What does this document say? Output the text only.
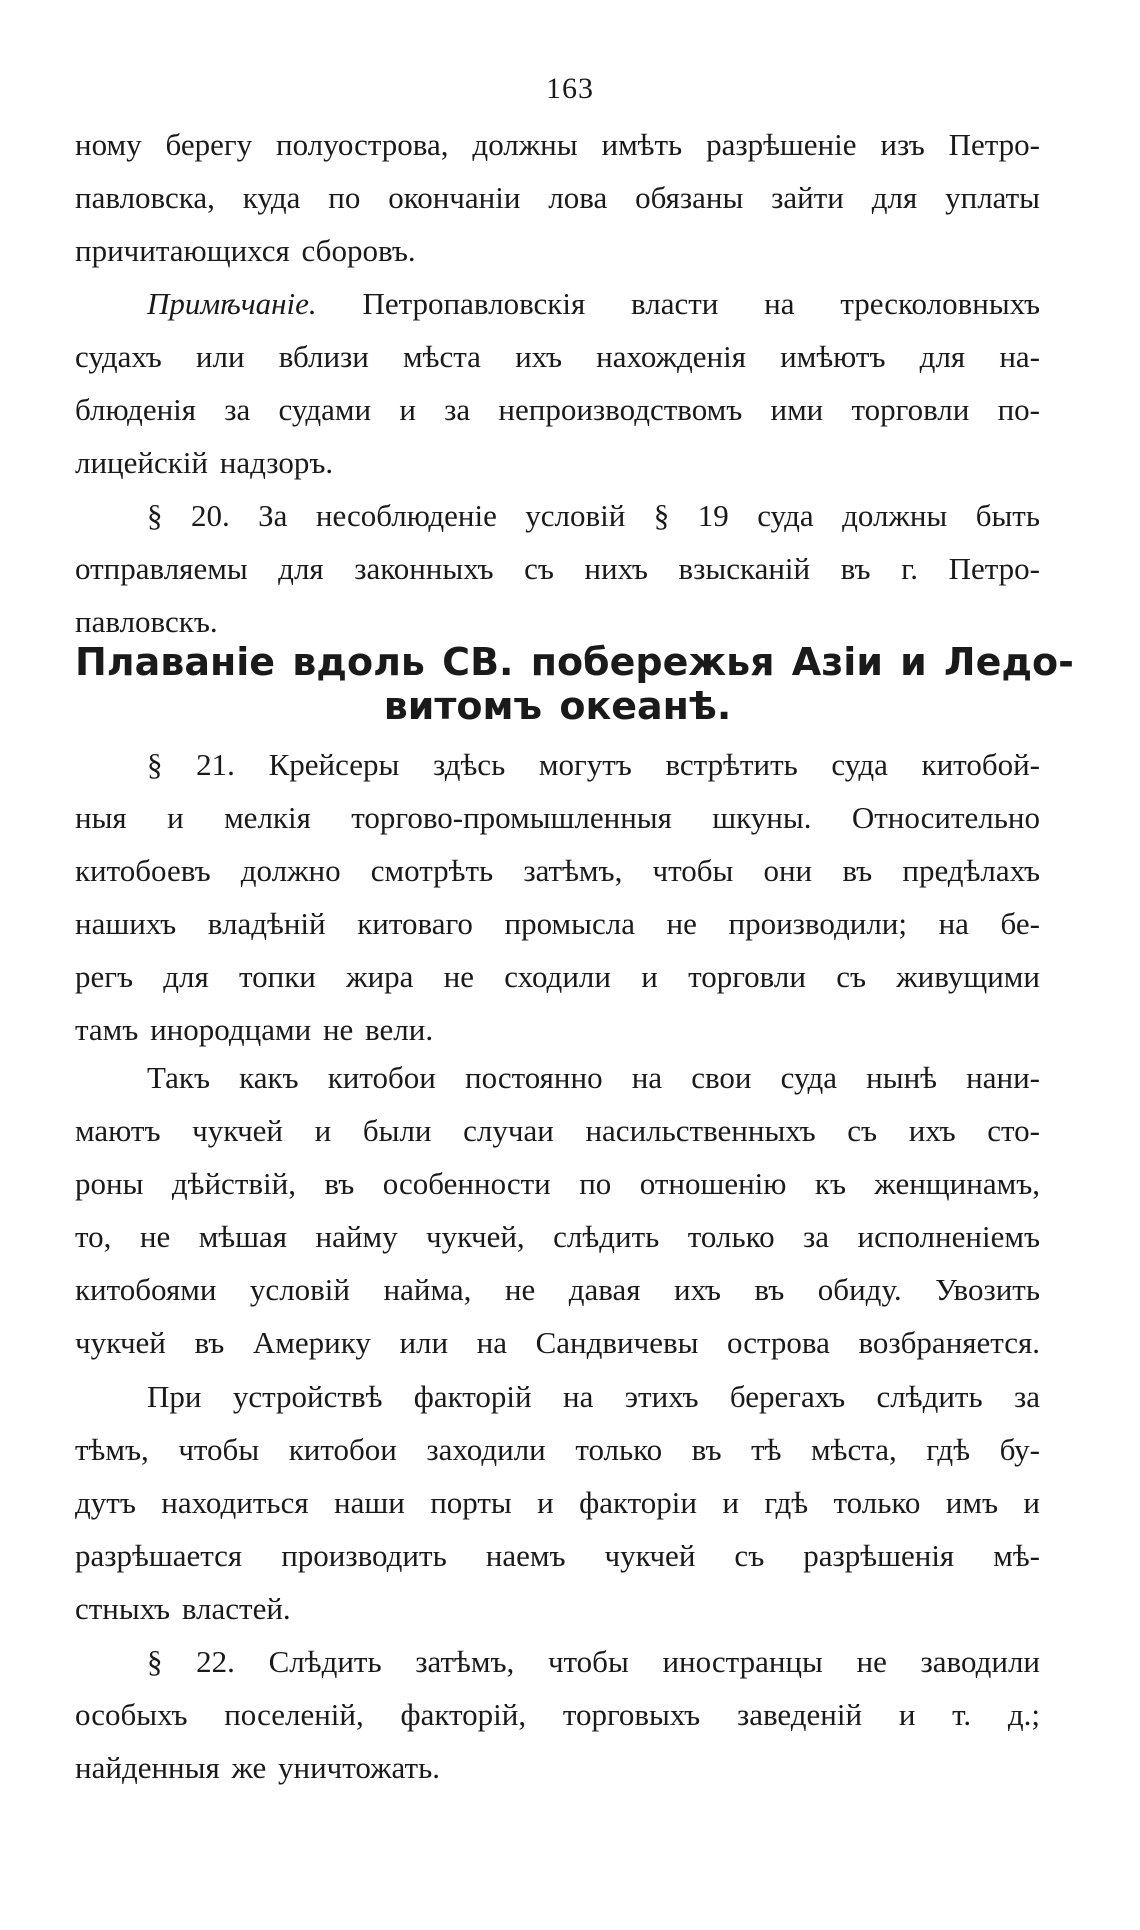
163
ному берегу полуострова, должны имѣть разрѣшеніе изъ Петро-
павловска, куда по окончаніи лова обязаны зайти для уплаты
причитающихся сборовъ.
Примѣчаніе. Петропавловскія власти на тресколовныхъ
судахъ или вблизи мѣста ихъ нахожденія имѣютъ для на-
блюденія за судами и за непроизводствомъ ими торговли по-
лицейскій надзоръ.
§ 20. За несоблюденіе условій § 19 суда должны быть
отправляемы для законныхъ съ нихъ взысканій въ г. Петро-
павловскъ.
Плаваніе вдоль СВ. побережья Азіи и Ледо-
витомъ океанѣ.
§ 21. Крейсеры здѣсь могутъ встрѣтить суда китобой-
ныя и мелкія торгово-промышленныя шкуны. Относительно
китобоевъ должно смотрѣть затѣмъ, чтобы они въ предѣлахъ
нашихъ владѣній китоваго промысла не производили; на бе-
регъ для топки жира не сходили и торговли съ живущими
тамъ инородцами не вели.
Такъ какъ китобои постоянно на свои суда нынѣ нани-
маютъ чукчей и были случаи насильственныхъ съ ихъ сто-
роны дѣйствій, въ особенности по отношенію къ женщинамъ,
то, не мѣшая найму чукчей, слѣдить только за исполненіемъ
китобоями условій найма, не давая ихъ въ обиду. Увозить
чукчей въ Америку или на Сандвичевы острова возбраняется.
При устройствѣ факторій на этихъ берегахъ слѣдить за
тѣмъ, чтобы китобои заходили только въ тѣ мѣста, гдѣ бу-
дутъ находиться наши порты и факторіи и гдѣ только имъ и
разрѣшается производить наемъ чукчей съ разрѣшенія мѣ-
стныхъ властей.
§ 22. Слѣдить затѣмъ, чтобы иностранцы не заводили
особыхъ поселеній, факторій, торговыхъ заведеній и т. д.;
найденныя же уничтожать.
